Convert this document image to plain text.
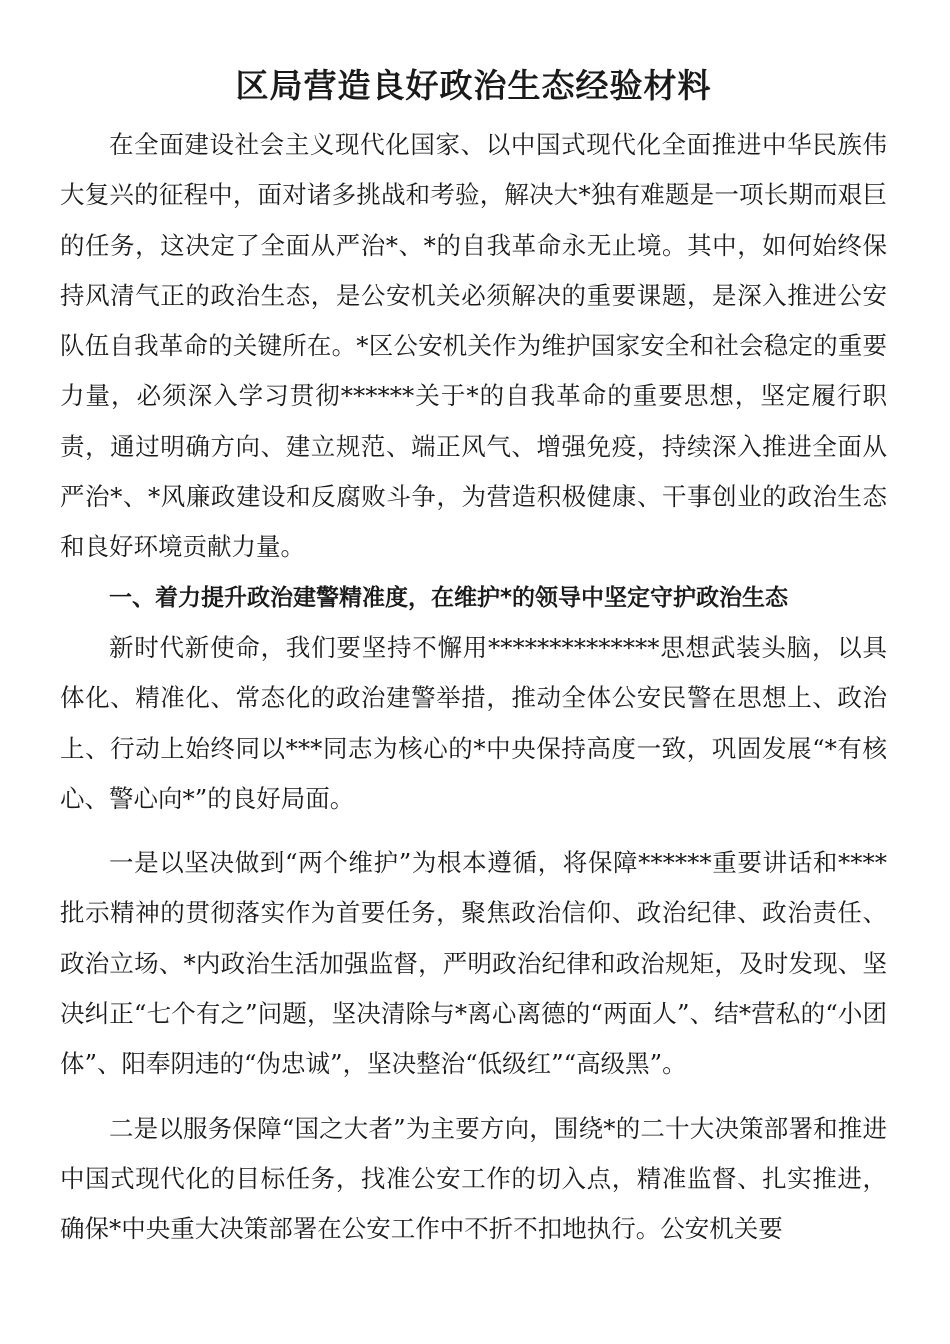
区局营造良好政治生态经验材料

在全面建设社会主义现代化国家、以中国式现代化全面推进中华民族伟大复兴的征程中，面对诸多挑战和考验，解决大*独有难题是一项长期而艰巨的任务，这决定了全面从严治*、*的自我革命永无止境。其中，如何始终保持风清气正的政治生态，是公安机关必须解决的重要课题，是深入推进公安队伍自我革命的关键所在。*区公安机关作为维护国家安全和社会稳定的重要力量，必须深入学习贯彻******关于*的自我革命的重要思想，坚定履行职责，通过明确方向、建立规范、端正风气、增强免疫，持续深入推进全面从严治*、*风廉政建设和反腐败斗争，为营造积极健康、干事创业的政治生态和良好环境贡献力量。

一、着力提升政治建警精准度，在维护*的领导中坚定守护政治生态

新时代新使命，我们要坚持不懈用**************思想武装头脑，以具体化、精准化、常态化的政治建警举措，推动全体公安民警在思想上、政治上、行动上始终同以***同志为核心的*中央保持高度一致，巩固发展“*有核心、警心向*”的良好局面。

一是以坚决做到“两个维护”为根本遵循，将保障******重要讲话和****批示精神的贯彻落实作为首要任务，聚焦政治信仰、政治纪律、政治责任、政治立场、*内政治生活加强监督，严明政治纪律和政治规矩，及时发现、坚决纠正“七个有之”问题，坚决清除与*离心离德的“两面人”、结*营私的“小团体”、阳奉阴违的“伪忠诚”，坚决整治“低级红”“高级黑”。

二是以服务保障“国之大者”为主要方向，围绕*的二十大决策部署和推进中国式现代化的目标任务，找准公安工作的切入点，精准监督、扎实推进，确保*中央重大决策部署在公安工作中不折不扣地执行。公安机关要
